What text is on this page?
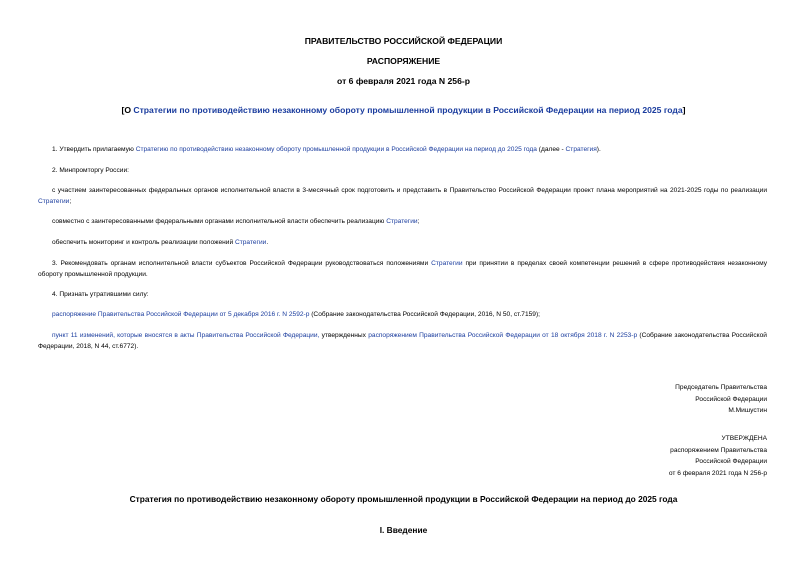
ПРАВИТЕЛЬСТВО РОССИЙСКОЙ ФЕДЕРАЦИИ
РАСПОРЯЖЕНИЕ
от 6 февраля 2021 года N 256-р
[О Стратегии по противодействию незаконному обороту промышленной продукции в Российской Федерации на период 2025 года]
1. Утвердить прилагаемую Стратегию по противодействию незаконному обороту промышленной продукции в Российской Федерации на период до 2025 года (далее - Стратегия).
2. Минпромторгу России:
с участием заинтересованных федеральных органов исполнительной власти в 3-месячный срок подготовить и представить в Правительство Российской Федерации проект плана мероприятий на 2021-2025 годы по реализации Стратегии;
совместно с заинтересованными федеральными органами исполнительной власти обеспечить реализацию Стратегии;
обеспечить мониторинг и контроль реализации положений Стратегии.
3. Рекомендовать органам исполнительной власти субъектов Российской Федерации руководствоваться положениями Стратегии при принятии в пределах своей компетенции решений в сфере противодействия незаконному обороту промышленной продукции.
4. Признать утратившими силу:
распоряжение Правительства Российской Федерации от 5 декабря 2016 г. N 2592-р (Собрание законодательства Российской Федерации, 2016, N 50, ст.7159);
пункт 11 изменений, которые вносятся в акты Правительства Российской Федерации, утвержденных распоряжением Правительства Российской Федерации от 18 октября 2018 г. N 2253-р (Собрание законодательства Российской Федерации, 2018, N 44, ст.6772).
Председатель Правительства
Российской Федерации
М.Мишустин
УТВЕРЖДЕНА
распоряжением Правительства
Российской Федерации
от 6 февраля 2021 года N 256-р
Стратегия по противодействию незаконному обороту промышленной продукции в Российской Федерации на период до 2025 года
I. Введение
